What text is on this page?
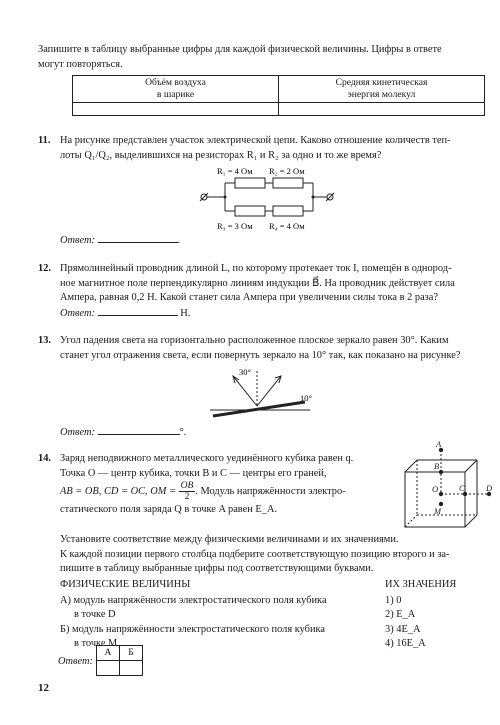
Запишите в таблицу выбранные цифры для каждой физической величины. Цифры в ответе
могут повторяться.
Объём воздуха
в шарике	Средняя кинетическая
энергия молекул

11. На рисунке представлен участок электрической цепи. Каково отношение количеств теп-
лоты Q₁/Q₂, выделившихся на резисторах R₁ и R₂ за одно и то же время?
R₁ = 4 Ом R₂ = 2 Ом
R₃ = 3 Ом R₄ = 4 Ом
Ответ:	.
12. Прямолинейный проводник длиной L, по которому протекает ток I, помещён в однород-
ное магнитное поле перпендикулярно линиям индукции B⃗. На проводник действует сила
Ампера, равная 0,2 Н. Какой станет сила Ампера при увеличении силы тока в 2 раза?
Ответ:	Н.
13. Угол падения света на горизонтально расположенное плоское зеркало равен 30°. Каким
станет угол отражения света, если повернуть зеркало на 10° так, как показано на рисунке?
30°
10°
Ответ:	°.
14. Заряд неподвижного металлического уединённого кубика равен q.
Точка O — центр кубика, точки B и C — центры его граней,
AB = OB, CD = OC, OM = $\frac{OB}{2}$ . Модуль напряжённости электро-
статического поля заряда Q в точке A равен E_A.
A
B
O C	D
M
Установите соответствие между физическими величинами и их значениями.
К каждой позиции первого столбца подберите соответствующую позицию второго и за-
пишите в таблицу выбранные цифры под соответствующими буквами.
ФИЗИЧЕСКИЕ ВЕЛИЧИНЫ
А) модуль напряжённости электростатического поля кубика
в точке D
Б) модуль напряжённости электростатического поля кубика
в точке M
ИХ ЗНАЧЕНИЯ
1) 0
2) E_A
3) 4E_A
4) 16E_A
Ответ:
А	Б

12
